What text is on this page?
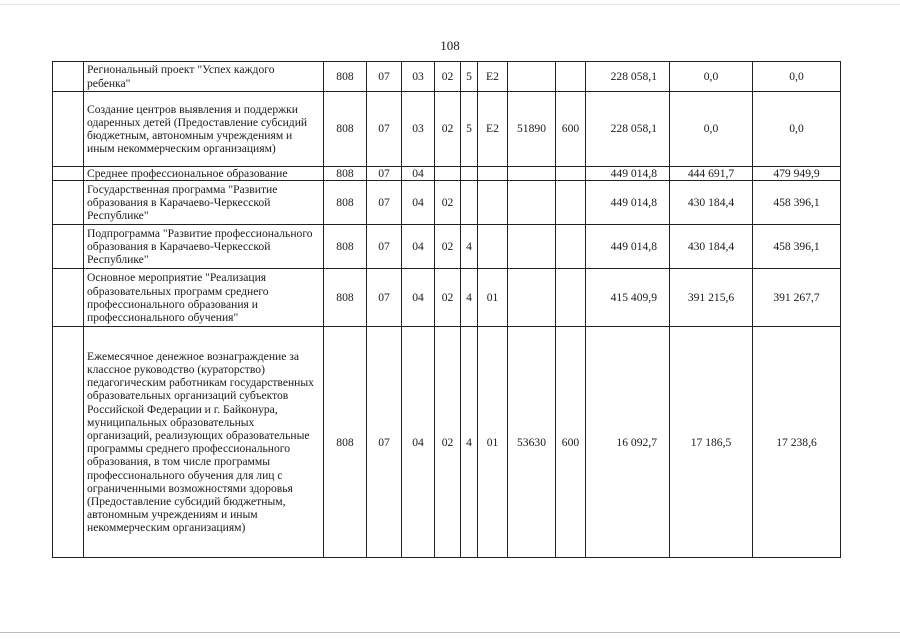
108
	Региональный проект "Успех каждого ребенка"	808	07	03	02	5	E2			228 058,1	0,0	0,0
	Создание центров выявления и поддержки одаренных детей (Предоставление субсидий бюджетным, автономным учреждениям и иным некоммерческим организациям)	808	07	03	02	5	E2	51890	600	228 058,1	0,0	0,0
	Среднее профессиональное образование	808	07	04						449 014,8	444 691,7	479 949,9
	Государственная программа "Развитие образования в Карачаево-Черкесской Республике"	808	07	04	02					449 014,8	430 184,4	458 396,1
	Подпрограмма "Развитие профессионального образования в Карачаево-Черкесской Республике"	808	07	04	02	4				449 014,8	430 184,4	458 396,1
	Основное мероприятие "Реализация образовательных программ среднего профессионального образования и профессионального обучения"	808	07	04	02	4	01			415 409,9	391 215,6	391 267,7
	Ежемесячное денежное вознаграждение за классное руководство (кураторство) педагогическим работникам государственных образовательных организаций субъектов Российской Федерации и г. Байконура, муниципальных образовательных организаций, реализующих образовательные программы среднего профессионального образования, в том числе программы профессионального обучения для лиц с ограниченными возможностями здоровья (Предоставление субсидий бюджетным, автономным учреждениям и иным некоммерческим организациям)	808	07	04	02	4	01	53630	600	16 092,7	17 186,5	17 238,6
